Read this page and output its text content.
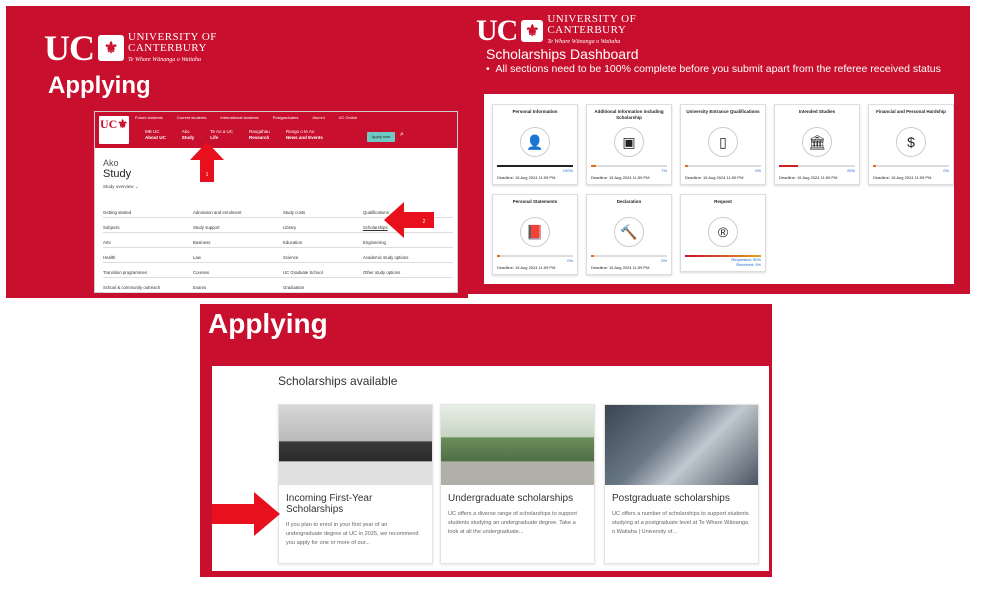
UC ⚜
UNIVERSITY OF
CANTERBURY
Te Whare Wānanga o Waitaha
Applying
UC⚜ Future students	Current students	International students	Postgraduates	Alumni	UC Online
MB UC
About UC
Ako
Study
Te Ao a UC
Life
Rangahau
Research
Rongo o te Ao
News and Events	Apply now	⌕
Ako
Study
Study overview ⌄
Getting started	Admission and enrolment	Study costs	Qualifications
Subjects	Study support	Library	Scholarships
Arts	Business	Education	Engineering
Health	Law	Science	Academic study options
Transition programmes	Courses	UC Graduate School	Other study options
School & community outreach	Exams	Graduation
1
2
UC ⚜
UNIVERSITY OF
CANTERBURY
Te Whare Wānanga o Waitaha
Scholarships Dashboard
•  All sections need to be 100% complete before you submit apart from the referee received status
Personal Information
👤
100%
Deadline: 15 Aug 2024 11:59 PM
Additional Information including Scholarship
▣
7%
Deadline: 15 Aug 2024 11:59 PM
University Entrance Qualifications
▯
0%
Deadline: 15 Aug 2024 11:59 PM
Intended Studies
🏛
25%
Deadline: 15 Aug 2024 11:59 PM
Financial and Personal Hardship
$
0%
Deadline: 15 Aug 2024 11:59 PM
Personal Statements
📕
0%
Deadline: 15 Aug 2024 11:59 PM
Declaration
🔨
0%
Deadline: 15 Aug 2024 11:59 PM
Request
®
Requested: 50%
Received: 0%
Applying
Scholarships available
Incoming First-Year Scholarships
If you plan to enrol in your first year of an undergraduate degree at UC in 2025, we recommend you apply for one or more of our...
Undergraduate scholarships
UC offers a diverse range of scholarships to support students studying an undergraduate degree. Take a look at all the undergraduate...
Postgraduate scholarships
UC offers a number of scholarships to support students studying at a postgraduate level at Te Whare Wānanga o Waitaha | University of...
